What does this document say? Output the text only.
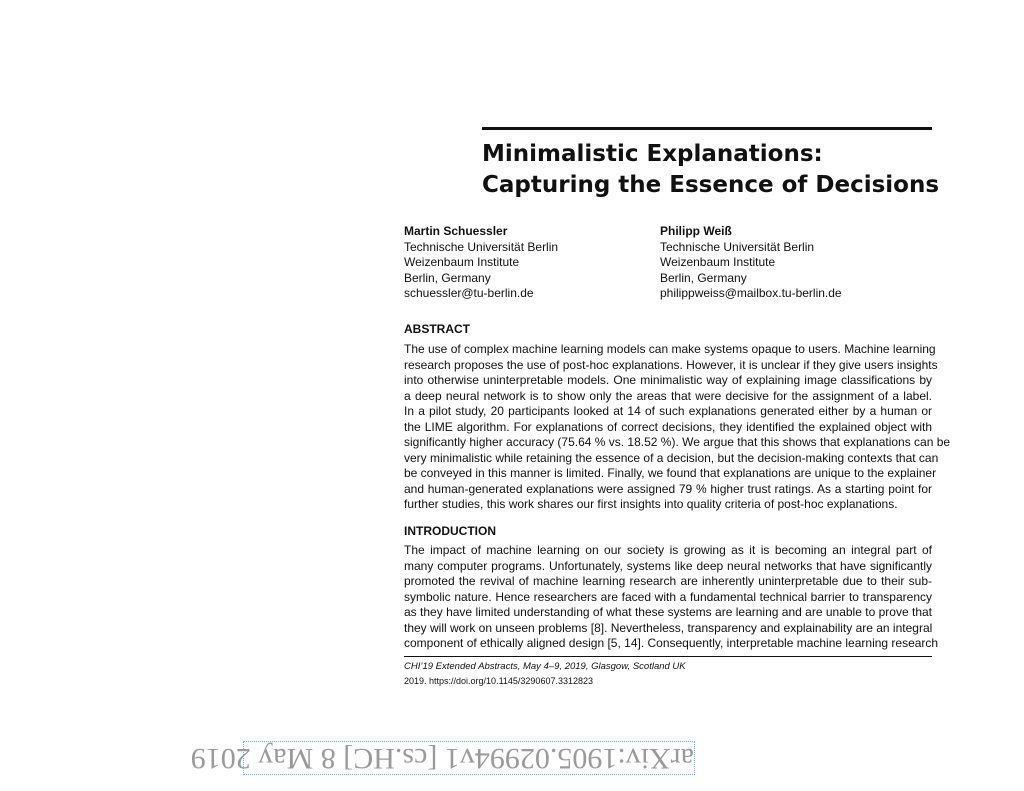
Minimalistic Explanations:
Capturing the Essence of Decisions
Martin Schuessler
Technische Universität Berlin
Weizenbaum Institute
Berlin, Germany
schuessler@tu-berlin.de
Philipp Weiß
Technische Universität Berlin
Weizenbaum Institute
Berlin, Germany
philippweiss@mailbox.tu-berlin.de
ABSTRACT
The use of complex machine learning models can make systems opaque to users. Machine learning
research proposes the use of post-hoc explanations. However, it is unclear if they give users insights
into otherwise uninterpretable models. One minimalistic way of explaining image classifications by
a deep neural network is to show only the areas that were decisive for the assignment of a label.
In a pilot study, 20 participants looked at 14 of such explanations generated either by a human or
the LIME algorithm. For explanations of correct decisions, they identified the explained object with
significantly higher accuracy (75.64 % vs. 18.52 %). We argue that this shows that explanations can be
very minimalistic while retaining the essence of a decision, but the decision-making contexts that can
be conveyed in this manner is limited. Finally, we found that explanations are unique to the explainer
and human-generated explanations were assigned 79 % higher trust ratings. As a starting point for
further studies, this work shares our first insights into quality criteria of post-hoc explanations.
INTRODUCTION
The impact of machine learning on our society is growing as it is becoming an integral part of
many computer programs. Unfortunately, systems like deep neural networks that have significantly
promoted the revival of machine learning research are inherently uninterpretable due to their sub-
symbolic nature. Hence researchers are faced with a fundamental technical barrier to transparency
as they have limited understanding of what these systems are learning and are unable to prove that
they will work on unseen problems [8]. Nevertheless, transparency and explainability are an integral
component of ethically aligned design [5, 14]. Consequently, interpretable machine learning research
CHI’19 Extended Abstracts, May 4–9, 2019, Glasgow, Scotland UK
2019. https://doi.org/10.1145/3290607.3312823
arXiv:1905.02994v1 [cs.HC] 8 May 2019
